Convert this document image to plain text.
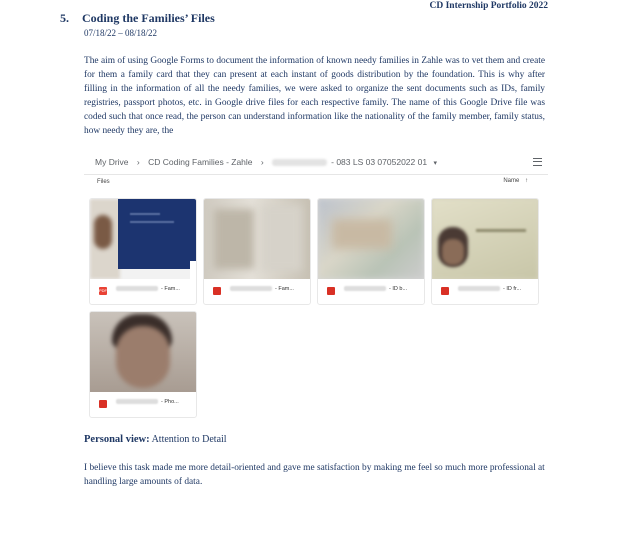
CD Internship Portfolio 2022
5. Coding the Families’ Files
07/18/22 – 08/18/22
The aim of using Google Forms to document the information of known needy families in Zahle was to vet them and create for them a family card that they can present at each instant of goods distribution by the foundation. This is why after filling in the information of all the needy families, we were asked to organize the sent documents such as IDs, family registries, passport photos, etc. in Google drive files for each respective family. The name of this Google Drive file was coded such that once read, the person can understand information like the nationality of the family member, family status, how needy they are, the
My Drive › CD Coding Families - Zahle ›	- 083 LS 03 07052022 01 ▾
Files	Name ↑
PDF	- Fam...	- Fam...	- ID b...	- ID fr...
- Pho...
Personal view: Attention to Detail
I believe this task made me more detail-oriented and gave me satisfaction by making me feel so much more professional at handling large amounts of data.
